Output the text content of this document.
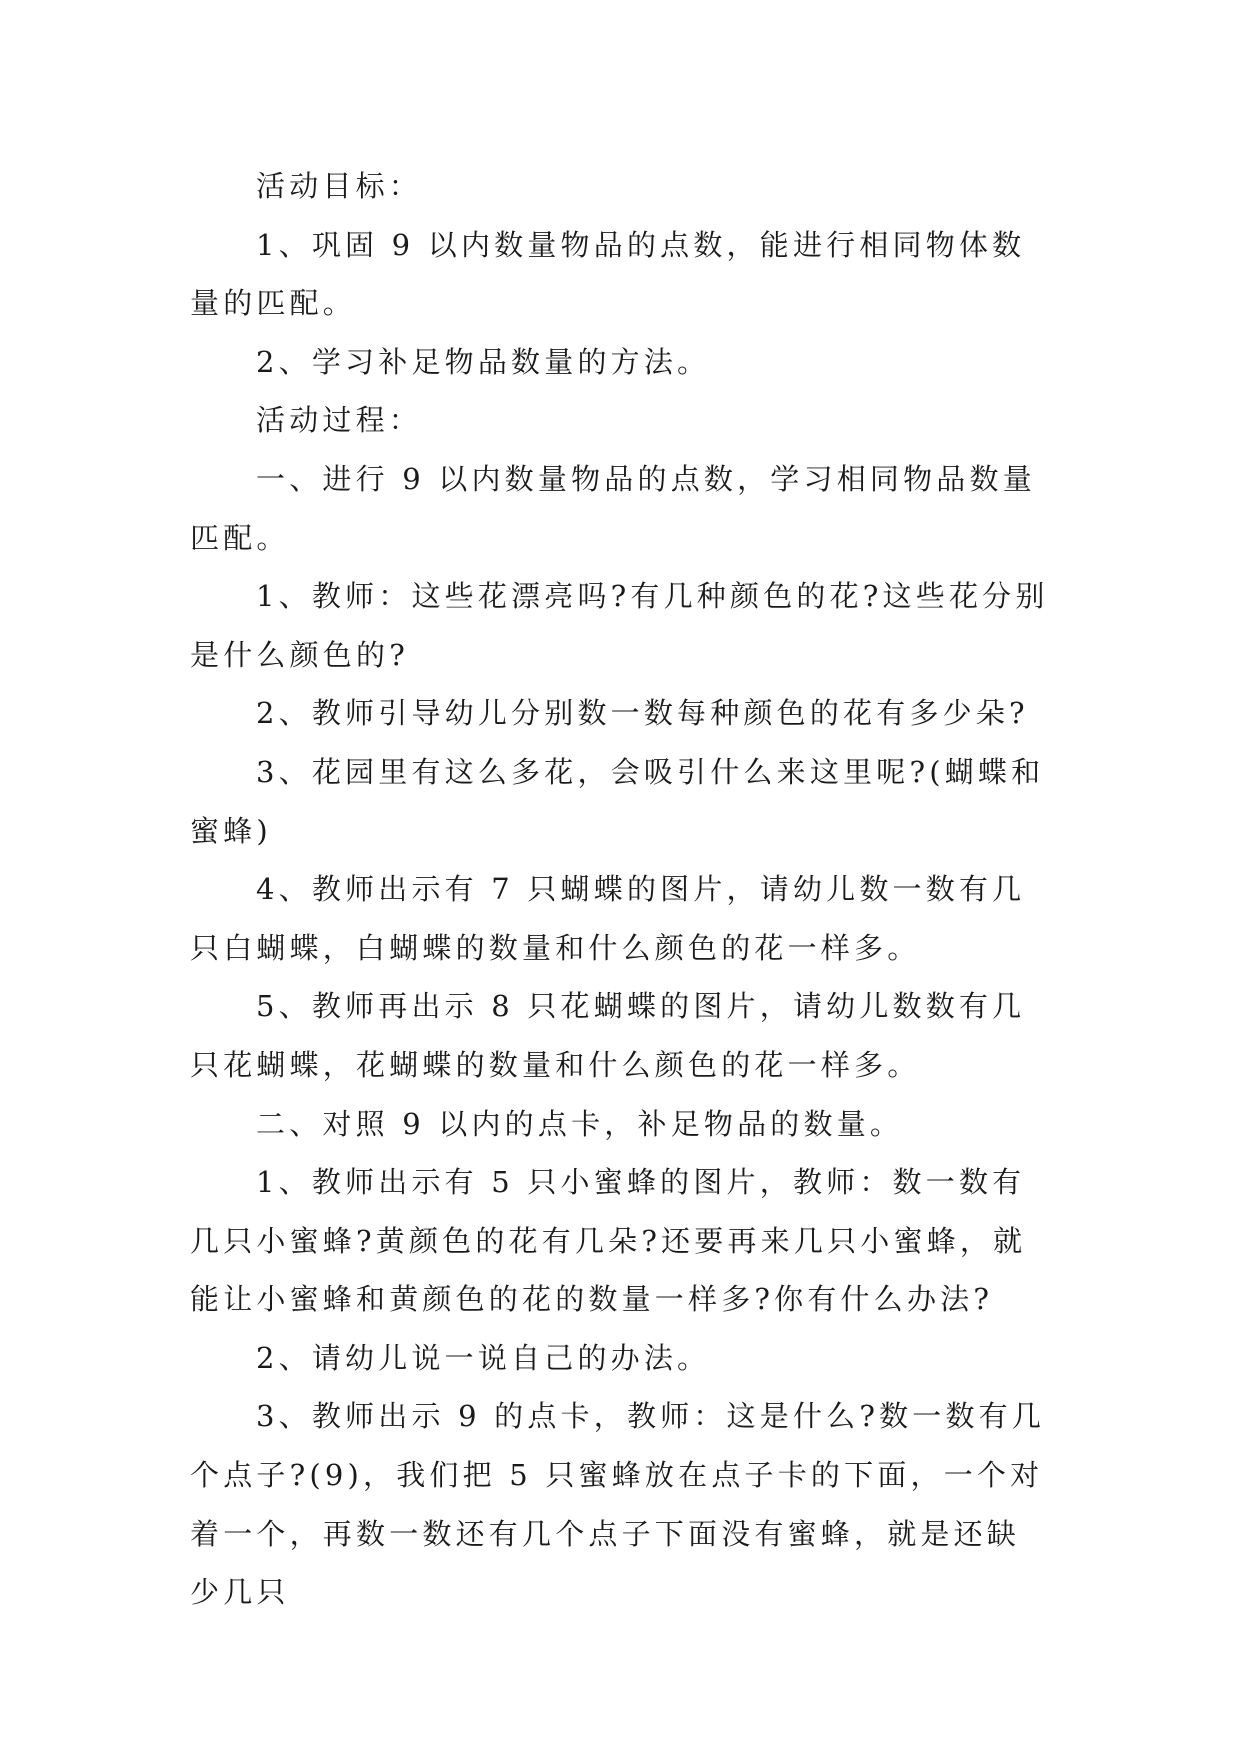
活动目标：

1、巩固 9 以内数量物品的点数，能进行相同物体数量的匹配。

2、学习补足物品数量的方法。

活动过程：

一、进行 9 以内数量物品的点数，学习相同物品数量匹配。

1、教师：这些花漂亮吗?有几种颜色的花?这些花分别是什么颜色的?

2、教师引导幼儿分别数一数每种颜色的花有多少朵?

3、花园里有这么多花，会吸引什么来这里呢?(蝴蝶和蜜蜂)

4、教师出示有 7 只蝴蝶的图片，请幼儿数一数有几只白蝴蝶，白蝴蝶的数量和什么颜色的花一样多。

5、教师再出示 8 只花蝴蝶的图片，请幼儿数数有几只花蝴蝶，花蝴蝶的数量和什么颜色的花一样多。

二、对照 9 以内的点卡，补足物品的数量。

1、教师出示有 5 只小蜜蜂的图片，教师：数一数有几只小蜜蜂?黄颜色的花有几朵?还要再来几只小蜜蜂，就能让小蜜蜂和黄颜色的花的数量一样多?你有什么办法?

2、请幼儿说一说自己的办法。

3、教师出示 9 的点卡，教师：这是什么?数一数有几个点子?(9)，我们把 5 只蜜蜂放在点子卡的下面，一个对着一个，再数一数还有几个点子下面没有蜜蜂，就是还缺少几只
